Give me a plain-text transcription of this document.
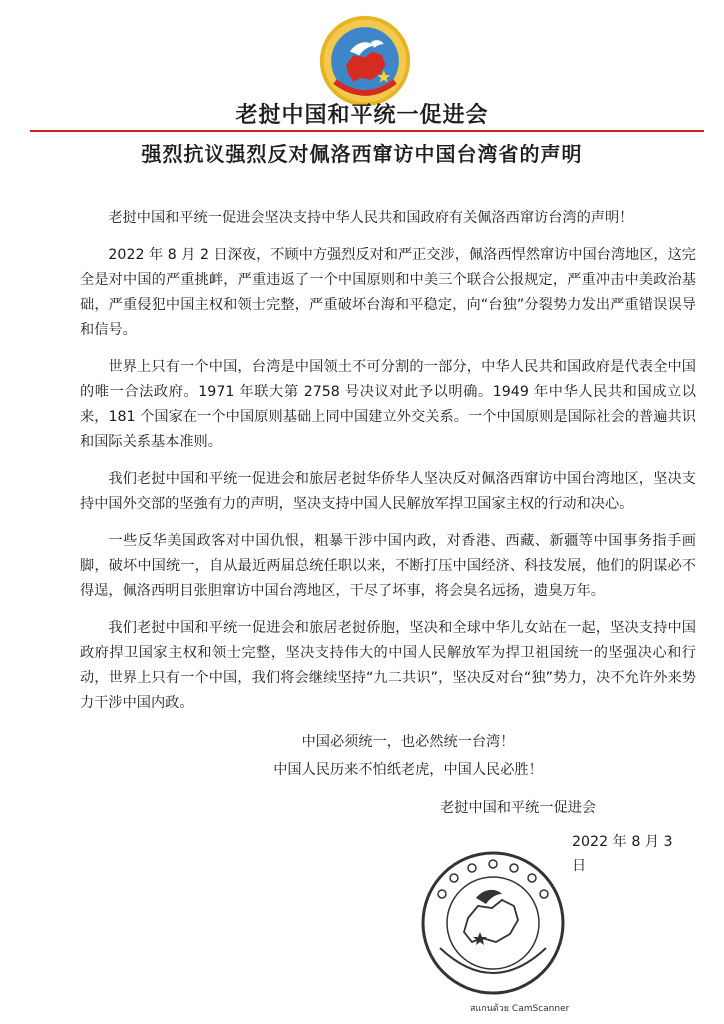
老挝中国和平统一促进会
强烈抗议强烈反对佩洛西窜访中国台湾省的声明

老挝中国和平统一促进会坚决支持中华人民共和国政府有关佩洛西窜访台湾的声明！

2022 年 8 月 2 日深夜，不顾中方强烈反对和严正交涉，佩洛西悍然窜访中国台湾地区，这完全是对中国的严重挑衅，严重违返了一个中国原则和中美三个联合公报规定，严重冲击中美政治基础，严重侵犯中国主权和领士完整，严重破坏台海和平稳定，向“台独”分裂势力发出严重错误误导和信号。

世界上只有一个中国，台湾是中国领土不可分割的一部分，中华人民共和国政府是代表全中国的唯一合法政府。1971 年联大第 2758 号决议对此予以明确。1949 年中华人民共和国成立以来，181 个国家在一个中国原则基础上同中国建立外交关系。一个中国原则是国际社会的普遍共识和国际关系基本准则。

我们老挝中国和平统一促进会和旅居老挝华侨华人坚决反对佩洛西窜访中国台湾地区，坚决支持中国外交部的坚強有力的声明，坚决支持中国人民解放军捍卫国家主权的行动和决心。

一些反华美国政客对中国仇恨，粗暴干涉中国内政，对香港、西藏、新疆等中国事务指手画脚，破坏中国统一，自从最近两届总统任职以来，不断打压中国经济、科技发展，他们的阴谋必不得逞，佩洛西明目张胆窜访中国台湾地区，干尽了坏事，将会臭名远扬，遗臭万年。

我们老挝中国和平统一促进会和旅居老挝侨胞，坚决和全球中华儿女站在一起，坚决支持中国政府捍卫国家主权和领士完整，坚决支持伟大的中国人民解放军为捍卫祖国统一的坚强决心和行动，世界上只有一个中国，我们将会继续坚持“九二共识”，坚决反对台“独”势力，决不允许外来势力干涉中国内政。

中国必须统一，也必然统一台湾！

中国人民历来不怕纸老虎，中国人民必胜！

老挝中国和平统一促进会
2022 年 8 月 3 日
สแกนด้วย CamScanner
